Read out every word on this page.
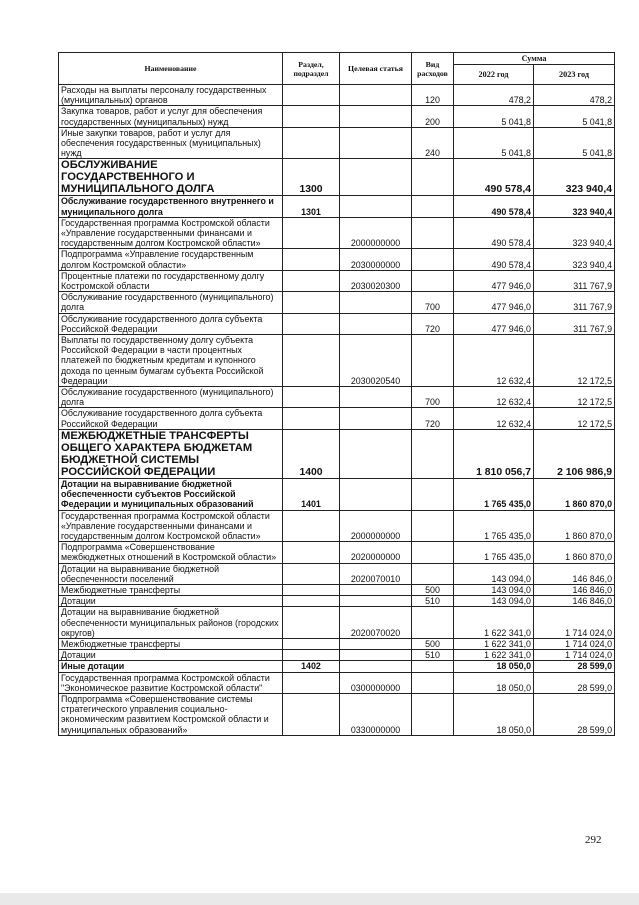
Наименование	Раздел, подраздел	Целевая статья	Вид расходов	Сумма	
				2022 год	2023 год
Расходы на выплаты персоналу государственных (муниципальных) органов			120	478,2	478,2
Закупка товаров, работ и услуг для обеспечения государственных (муниципальных) нужд			200	5 041,8	5 041,8
Иные закупки товаров, работ и услуг для обеспечения государственных (муниципальных) нужд			240	5 041,8	5 041,8
ОБСЛУЖИВАНИЕ ГОСУДАРСТВЕННОГО И МУНИЦИПАЛЬНОГО ДОЛГА	1300			490 578,4	323 940,4
Обслуживание государственного внутреннего и муниципального долга	1301			490 578,4	323 940,4
Государственная программа Костромской области «Управление государственными финансами и государственным долгом Костромской области»		2000000000		490 578,4	323 940,4
Подпрограмма «Управление государственным долгом Костромской области»		2030000000		490 578,4	323 940,4
Процентные платежи по государственному долгу Костромской области		2030020300		477 946,0	311 767,9
Обслуживание государственного (муниципального) долга			700	477 946,0	311 767,9
Обслуживание государственного долга субъекта Российской Федерации			720	477 946,0	311 767,9
Выплаты по государственному долгу субъекта Российской Федерации в части процентных платежей по бюджетным кредитам и купонного дохода по ценным бумагам субъекта Российской Федерации		2030020540		12 632,4	12 172,5
Обслуживание государственного (муниципального) долга			700	12 632,4	12 172,5
Обслуживание государственного долга субъекта Российской Федерации			720	12 632,4	12 172,5
МЕЖБЮДЖЕТНЫЕ ТРАНСФЕРТЫ ОБЩЕГО ХАРАКТЕРА БЮДЖЕТАМ БЮДЖЕТНОЙ СИСТЕМЫ РОССИЙСКОЙ ФЕДЕРАЦИИ	1400			1 810 056,7	2 106 986,9
Дотации на выравнивание бюджетной обеспеченности субъектов Российской Федерации и муниципальных образований	1401			1 765 435,0	1 860 870,0
Государственная программа Костромской области «Управление государственными финансами и государственным долгом Костромской области»		2000000000		1 765 435,0	1 860 870,0
Подпрограмма «Совершенствование межбюджетных отношений в Костромской области»		2020000000		1 765 435,0	1 860 870,0
Дотации на выравнивание бюджетной обеспеченности поселений		2020070010		143 094,0	146 846,0
Межбюджетные трансферты			500	143 094,0	146 846,0
Дотации			510	143 094,0	146 846,0
Дотации на выравнивание бюджетной обеспеченности муниципальных районов (городских округов)		2020070020		1 622 341,0	1 714 024,0
Межбюджетные трансферты			500	1 622 341,0	1 714 024,0
Дотации			510	1 622 341,0	1 714 024,0
Иные дотации	1402			18 050,0	28 599,0
Государственная программа Костромской области "Экономическое развитие Костромской области"		0300000000		18 050,0	28 599,0
Подпрограмма «Совершенствование системы стратегического управления социально-экономическим развитием Костромской области и муниципальных образований»		0330000000		18 050,0	28 599,0
292
